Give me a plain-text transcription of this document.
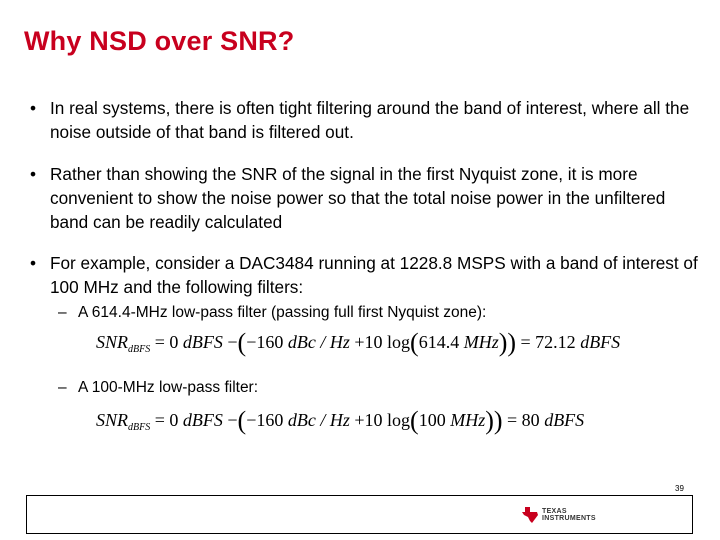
Why NSD over SNR?
• In real systems, there is often tight filtering around the band of interest, where all the noise outside of that band is filtered out.
• Rather than showing the SNR of the signal in the first Nyquist zone, it is more convenient to show the noise power so that the total noise power in the unfiltered band can be readily calculated
• For example, consider a DAC3484 running at 1228.8 MSPS with a band of interest of 100 MHz and the following filters:
– A 614.4-MHz low-pass filter (passing full first Nyquist zone):
$SNR_{dBFS} = 0$ dBFS −(−160 dBc / Hz +10 log(614.4 MHz)) = 72.12 dBFS
– A 100-MHz low-pass filter:
$SNR_{dBFS} = 0$ dBFS −(−160 dBc / Hz +10 log(100 MHz)) = 80 dBFS
39
TEXAS
INSTRUMENTS
